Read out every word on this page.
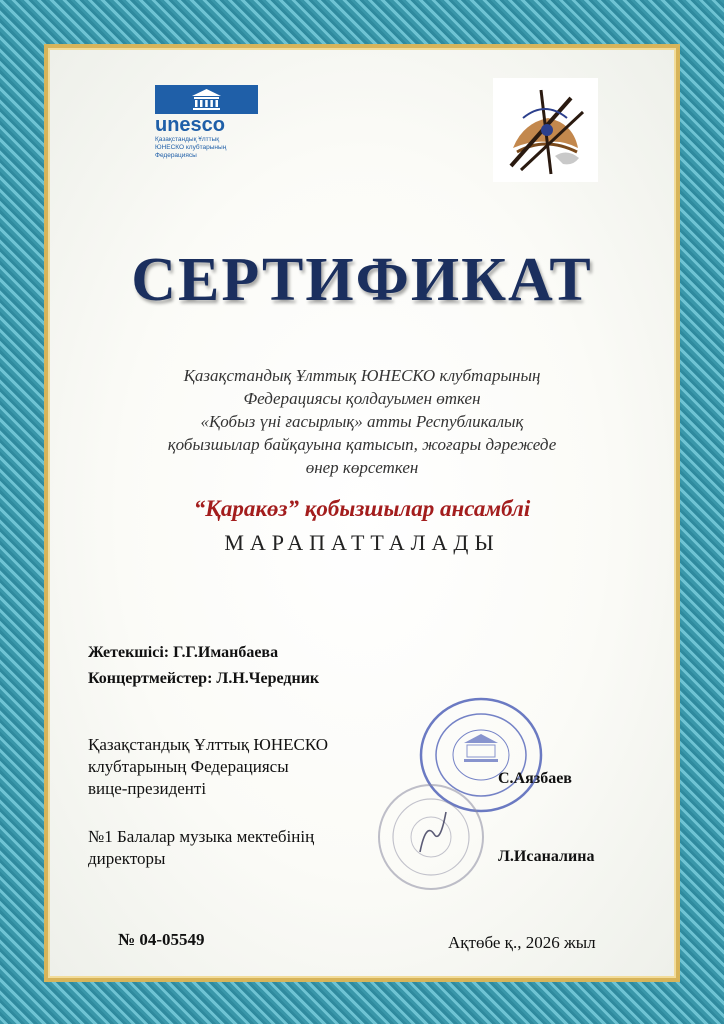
unesco
Қазақстандық Ұлттық
ЮНЕСКО клубтарының
Федерациясы
СЕРТИФИКАТ
Қазақстандық Ұлттық ЮНЕСКО клубтарының
Федерациясы қолдауымен өткен
«Қобыз үні ғасырлық» атты Республикалық
қобызшылар байқауына қатысып, жоғары дәрежеде
өнер көрсеткен
“Қаракөз” қобызшылар ансамблі
МАРАПАТТАЛАДЫ
Жетекшісі: Г.Г.Иманбаева
Концертмейстер: Л.Н.Чередник
Қазақстандық Ұлттық ЮНЕСКО
клубтарының Федерациясы
вице-президенті
С.Аязбаев
№1 Балалар музыка мектебінің
директоры	Л.Исаналина
№ 04-05549	Ақтөбе қ., 2026 жыл
